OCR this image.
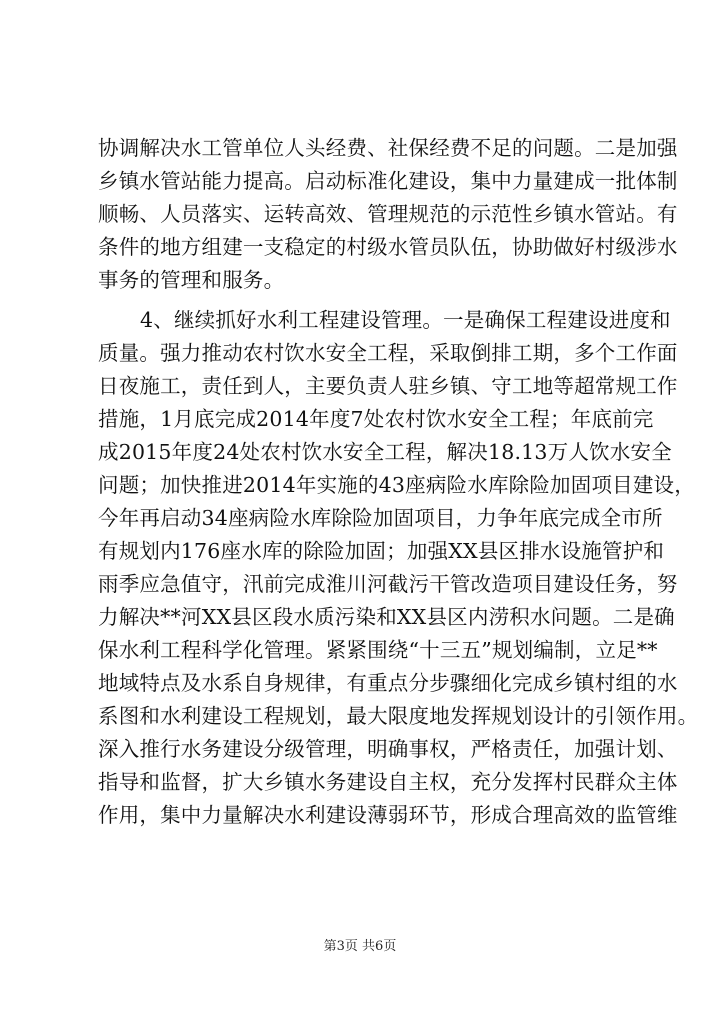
协调解决水工管单位人头经费、社保经费不足的问题。二是加强
乡镇水管站能力提高。启动标准化建设，集中力量建成一批体制
顺畅、人员落实、运转高效、管理规范的示范性乡镇水管站。有
条件的地方组建一支稳定的村级水管员队伍，协助做好村级涉水
事务的管理和服务。
4、继续抓好水利工程建设管理。一是确保工程建设进度和
质量。强力推动农村饮水安全工程，采取倒排工期，多个工作面
日夜施工，责任到人，主要负责人驻乡镇、守工地等超常规工作
措施，1月底完成2014年度7处农村饮水安全工程；年底前完
成2015年度24处农村饮水安全工程，解决18.13万人饮水安全
问题；加快推进2014年实施的43座病险水库除险加固项目建设，
今年再启动34座病险水库除险加固项目，力争年底完成全市所
有规划内176座水库的除险加固；加强XX县区排水设施管护和
雨季应急值守，汛前完成淮川河截污干管改造项目建设任务，努
力解决**河XX县区段水质污染和XX县区内涝积水问题。二是确
保水利工程科学化管理。紧紧围绕“十三五”规划编制，立足**
地域特点及水系自身规律，有重点分步骤细化完成乡镇村组的水
系图和水利建设工程规划，最大限度地发挥规划设计的引领作用。
深入推行水务建设分级管理，明确事权，严格责任，加强计划、
指导和监督，扩大乡镇水务建设自主权，充分发挥村民群众主体
作用，集中力量解决水利建设薄弱环节，形成合理高效的监管维
第3页 共6页
